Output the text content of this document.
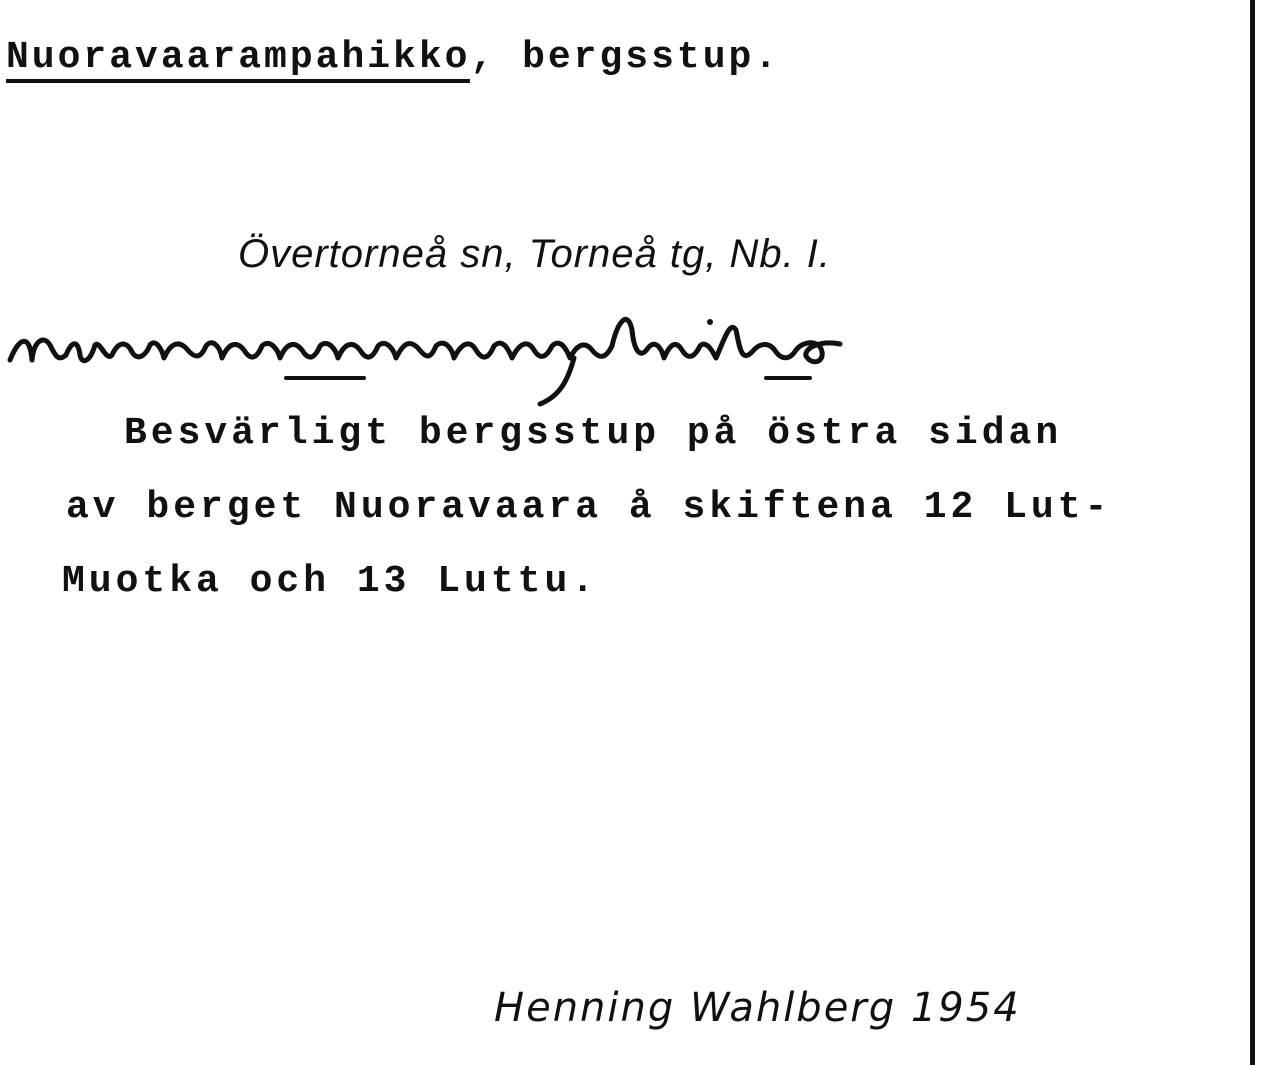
Nuoravaarampahikko, bergsstup.
Övertorneå sn, Torneå tg, Nb. I.
Besvärligt bergsstup på östra sidan
av berget Nuoravaara å skiftena 12 Lut-
Muotka och 13 Luttu.
Henning Wahlberg 1954
